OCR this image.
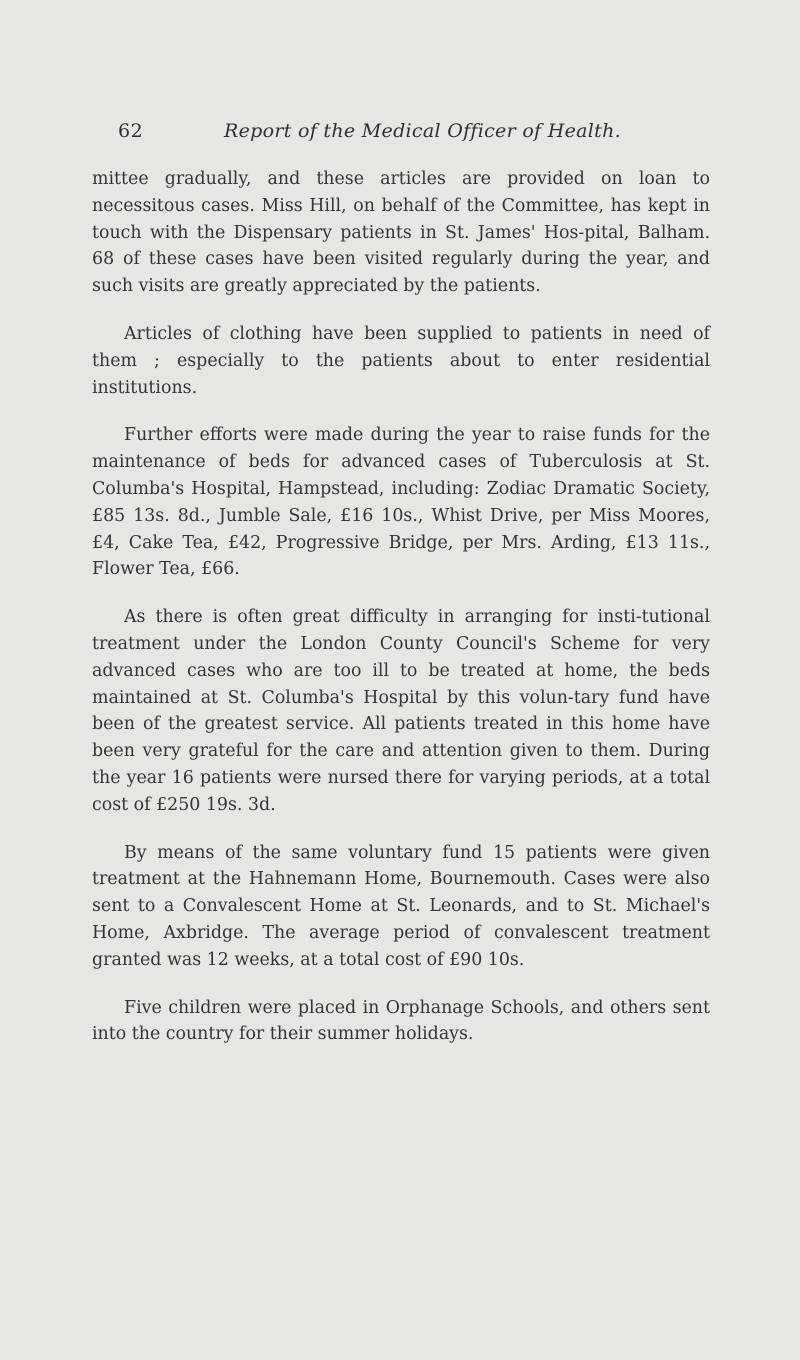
62	Report of the Medical Officer of Health.

mittee gradually, and these articles are provided on loan to necessitous cases. Miss Hill, on behalf of the Committee, has kept in touch with the Dispensary patients in St. James' Hos-pital, Balham. 68 of these cases have been visited regularly during the year, and such visits are greatly appreciated by the patients.

Articles of clothing have been supplied to patients in need of them ; especially to the patients about to enter residential institutions.

Further efforts were made during the year to raise funds for the maintenance of beds for advanced cases of Tuberculosis at St. Columba's Hospital, Hampstead, including: Zodiac Dramatic Society, £85 13s. 8d., Jumble Sale, £16 10s., Whist Drive, per Miss Moores, £4, Cake Tea, £42, Progressive Bridge, per Mrs. Arding, £13 11s., Flower Tea, £66.

As there is often great difficulty in arranging for insti-tutional treatment under the London County Council's Scheme for very advanced cases who are too ill to be treated at home, the beds maintained at St. Columba's Hospital by this volun-tary fund have been of the greatest service. All patients treated in this home have been very grateful for the care and attention given to them. During the year 16 patients were nursed there for varying periods, at a total cost of £250 19s. 3d.

By means of the same voluntary fund 15 patients were given treatment at the Hahnemann Home, Bournemouth. Cases were also sent to a Convalescent Home at St. Leonards, and to St. Michael's Home, Axbridge. The average period of convalescent treatment granted was 12 weeks, at a total cost of £90 10s.

Five children were placed in Orphanage Schools, and others sent into the country for their summer holidays.
